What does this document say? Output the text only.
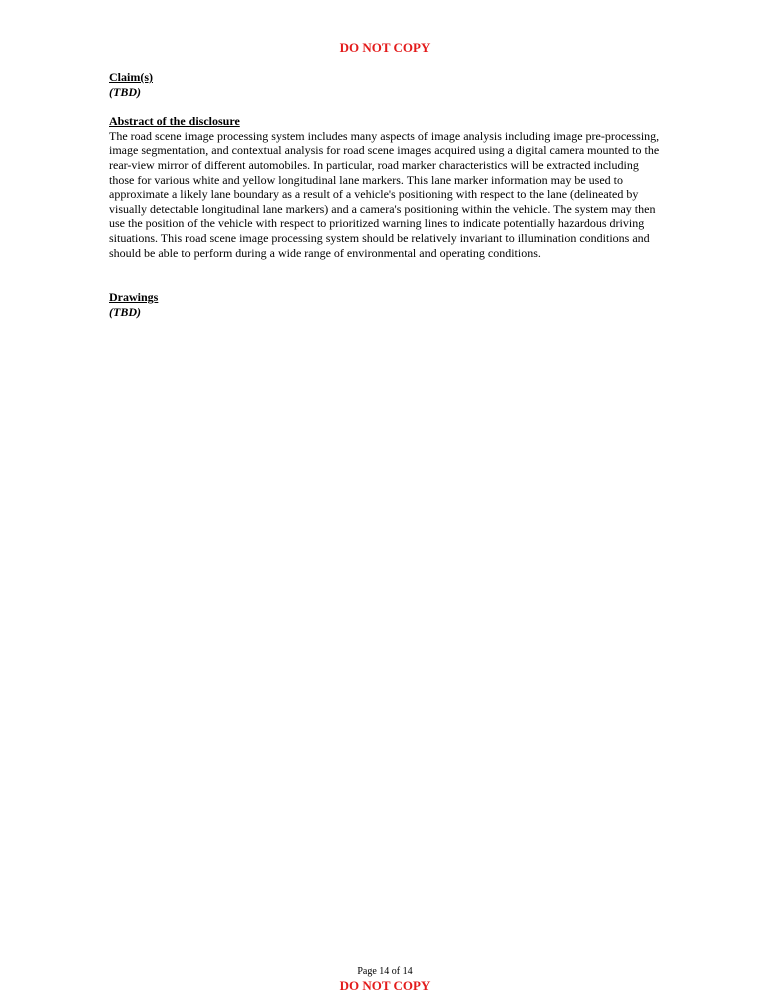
DO NOT COPY

Claim(s)

(TBD)

Abstract of the disclosure

The road scene image processing system includes many aspects of image analysis including image pre-processing, image segmentation, and contextual analysis for road scene images acquired using a digital camera mounted to the rear-view mirror of different automobiles. In particular, road marker characteristics will be extracted including those for various white and yellow longitudinal lane markers. This lane marker information may be used to approximate a likely lane boundary as a result of a vehicle's positioning with respect to the lane (delineated by visually detectable longitudinal lane markers) and a camera's positioning within the vehicle. The system may then use the position of the vehicle with respect to prioritized warning lines to indicate potentially hazardous driving situations. This road scene image processing system should be relatively invariant to illumination conditions and should be able to perform during a wide range of environmental and operating conditions.

Drawings

(TBD)

Page 14 of 14
DO NOT COPY
